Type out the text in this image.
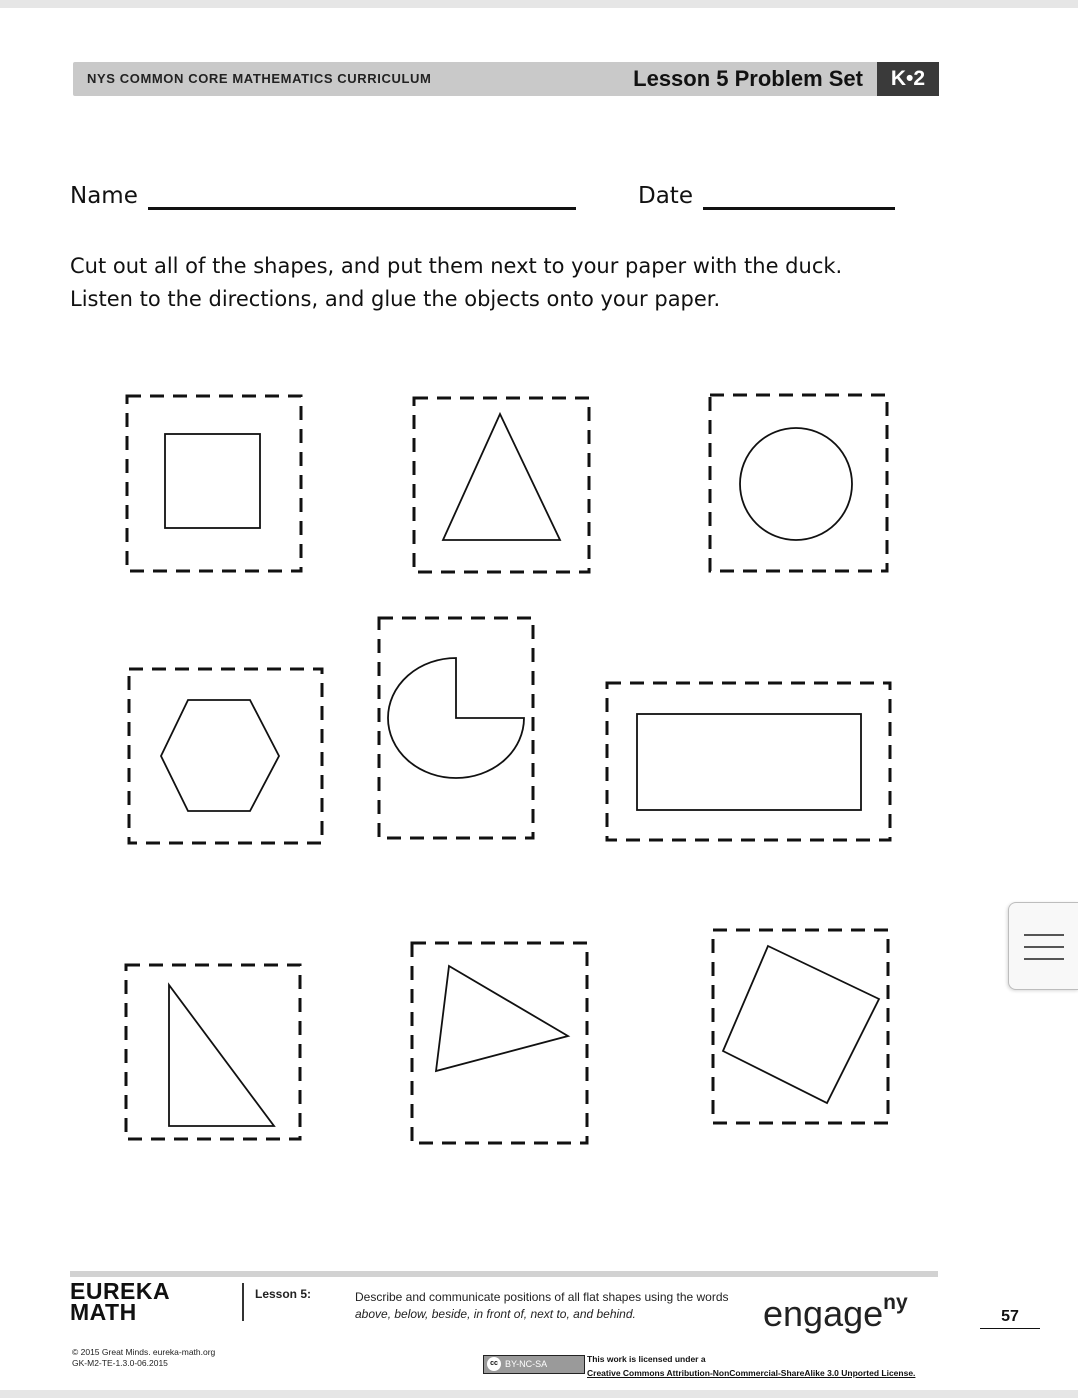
NYS COMMON CORE MATHEMATICS CURRICULUM	Lesson 5 Problem Set	K•2
Name	Date
Cut out all of the shapes, and put them next to your paper with the duck.
Listen to the directions, and glue the objects onto your paper.
EUREKA
MATH
Lesson 5:	Describe and communicate positions of all flat shapes using the words
above, below, beside, in front of, next to, and behind.	engage$^{ny}$
57
© 2015 Great Minds. eureka-math.org
GK-M2-TE-1.3.0-06.2015	cc BY-NC-SA	This work is licensed under a
Creative Commons Attribution-NonCommercial-ShareAlike 3.0 Unported License.
